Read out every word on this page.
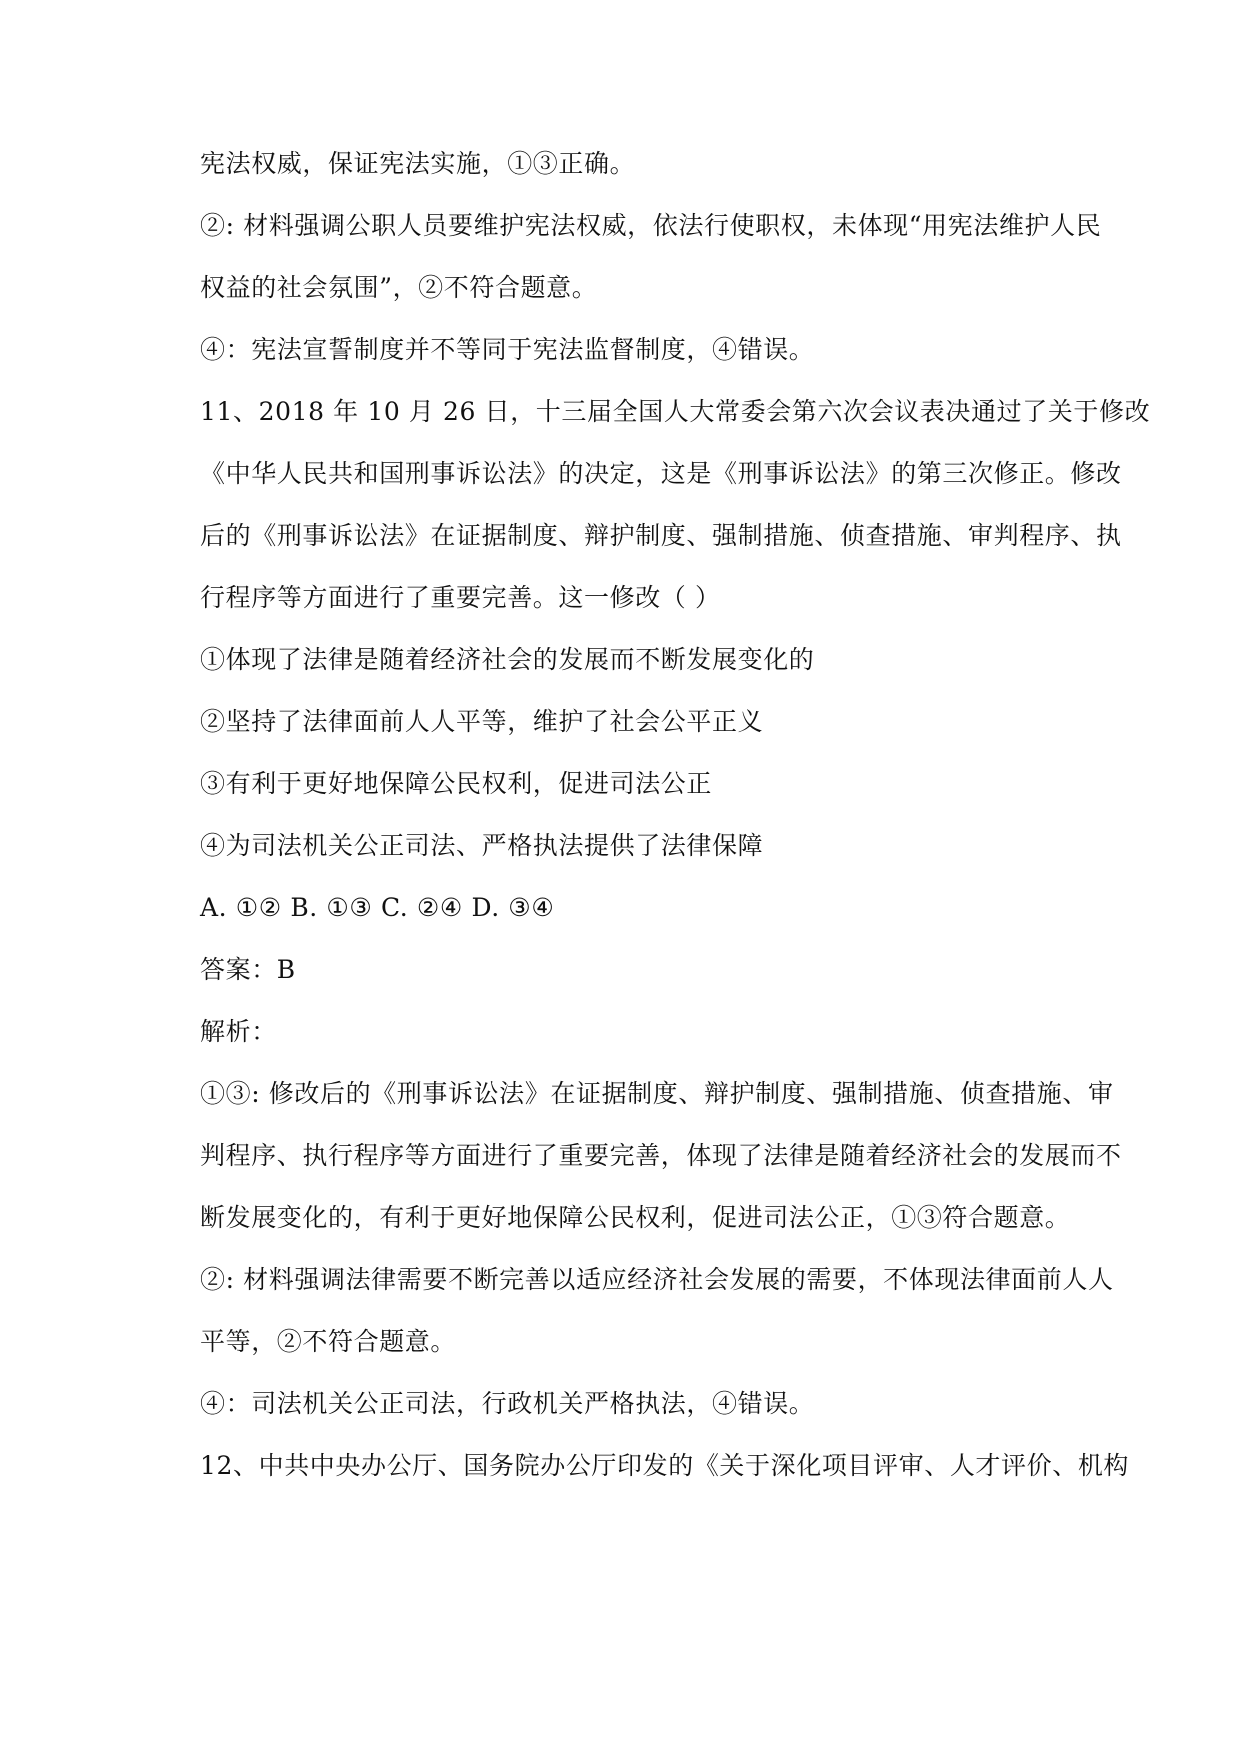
宪法权威，保证宪法实施，①③正确。
②: 材料强调公职人员要维护宪法权威，依法行使职权，未体现“用宪法维护人民
权益的社会氛围”，②不符合题意。
④：宪法宣誓制度并不等同于宪法监督制度，④错误。
11、2018 年 10 月 26 日，十三届全国人大常委会第六次会议表决通过了关于修改
《中华人民共和国刑事诉讼法》的决定，这是《刑事诉讼法》的第三次修正。修改
后的《刑事诉讼法》在证据制度、辩护制度、强制措施、侦查措施、审判程序、执
行程序等方面进行了重要完善。这一修改（ ）
①体现了法律是随着经济社会的发展而不断发展变化的
②坚持了法律面前人人平等，维护了社会公平正义
③有利于更好地保障公民权利，促进司法公正
④为司法机关公正司法、严格执法提供了法律保障
A. ①② B. ①③ C. ②④ D. ③④
答案：B
解析：
①③: 修改后的《刑事诉讼法》在证据制度、辩护制度、强制措施、侦查措施、审
判程序、执行程序等方面进行了重要完善，体现了法律是随着经济社会的发展而不
断发展变化的，有利于更好地保障公民权利，促进司法公正，①③符合题意。
②: 材料强调法律需要不断完善以适应经济社会发展的需要，不体现法律面前人人
平等，②不符合题意。
④：司法机关公正司法，行政机关严格执法，④错误。
12、中共中央办公厅、国务院办公厅印发的《关于深化项目评审、人才评价、机构
